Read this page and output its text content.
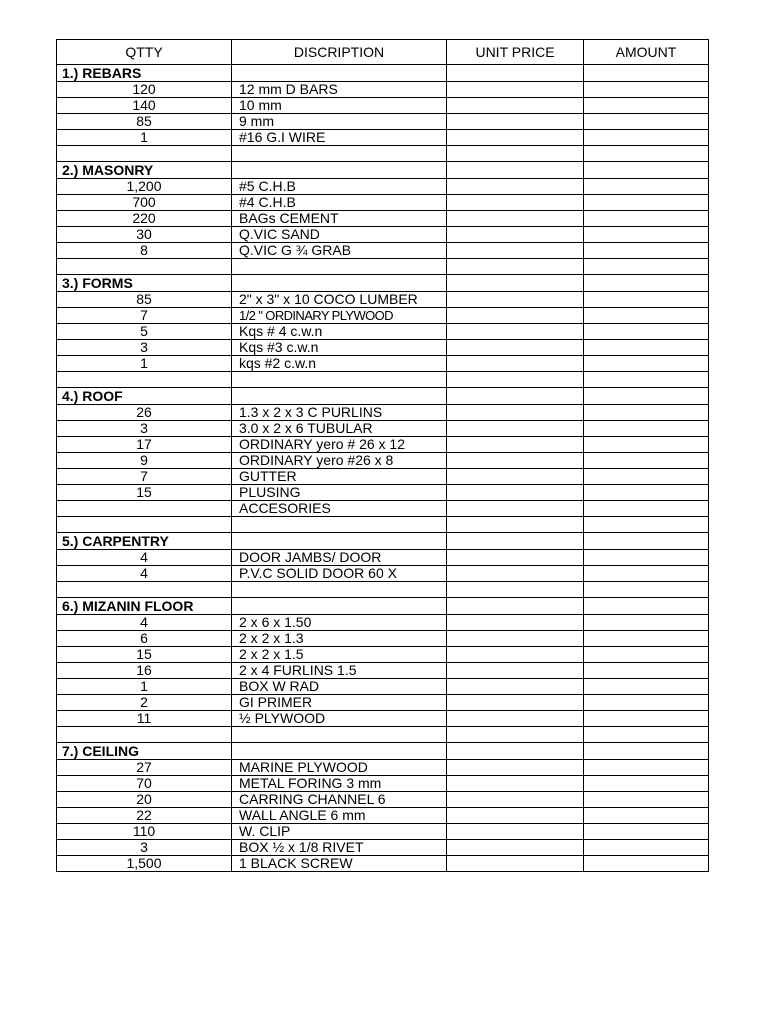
QTTY	DISCRIPTION	UNIT PRICE	AMOUNT
1.) REBARS			
120	12 mm D BARS		
140	10 mm		
85	9 mm		
1	#16 G.I WIRE		

2.) MASONRY			
1,200	#5 C.H.B		
700	#4 C.H.B		
220	BAGs CEMENT		
30	Q.VIC SAND		
8	Q.VIC G ¾ GRAB		

3.) FORMS			
85	2" x 3" x 10 COCO LUMBER		
7	1/2 " ORDINARY PLYWOOD		
5	Kqs # 4 c.w.n		
3	Kqs #3 c.w.n		
1	kqs #2 c.w.n		

4.) ROOF			
26	1.3 x 2 x 3 C PURLINS		
3	3.0 x 2 x 6 TUBULAR		
17	ORDINARY yero # 26 x 12		
9	ORDINARY yero #26 x 8		
7	GUTTER		
15	PLUSING		
	ACCESORIES		

5.) CARPENTRY			
4	DOOR JAMBS/ DOOR		
4	P.V.C SOLID DOOR 60 X		

6.) MIZANIN FLOOR			
4	2 x 6 x 1.50		
6	2 x 2 x 1.3		
15	2 x 2 x 1.5		
16	2 x 4 FURLINS 1.5		
1	BOX W RAD		
2	GI PRIMER		
11	½ PLYWOOD		

7.) CEILING			
27	MARINE PLYWOOD		
70	METAL FORING 3 mm		
20	CARRING CHANNEL 6		
22	WALL ANGLE 6 mm		
110	W. CLIP		
3	BOX ½ x 1/8 RIVET		
1,500	1 BLACK SCREW		
